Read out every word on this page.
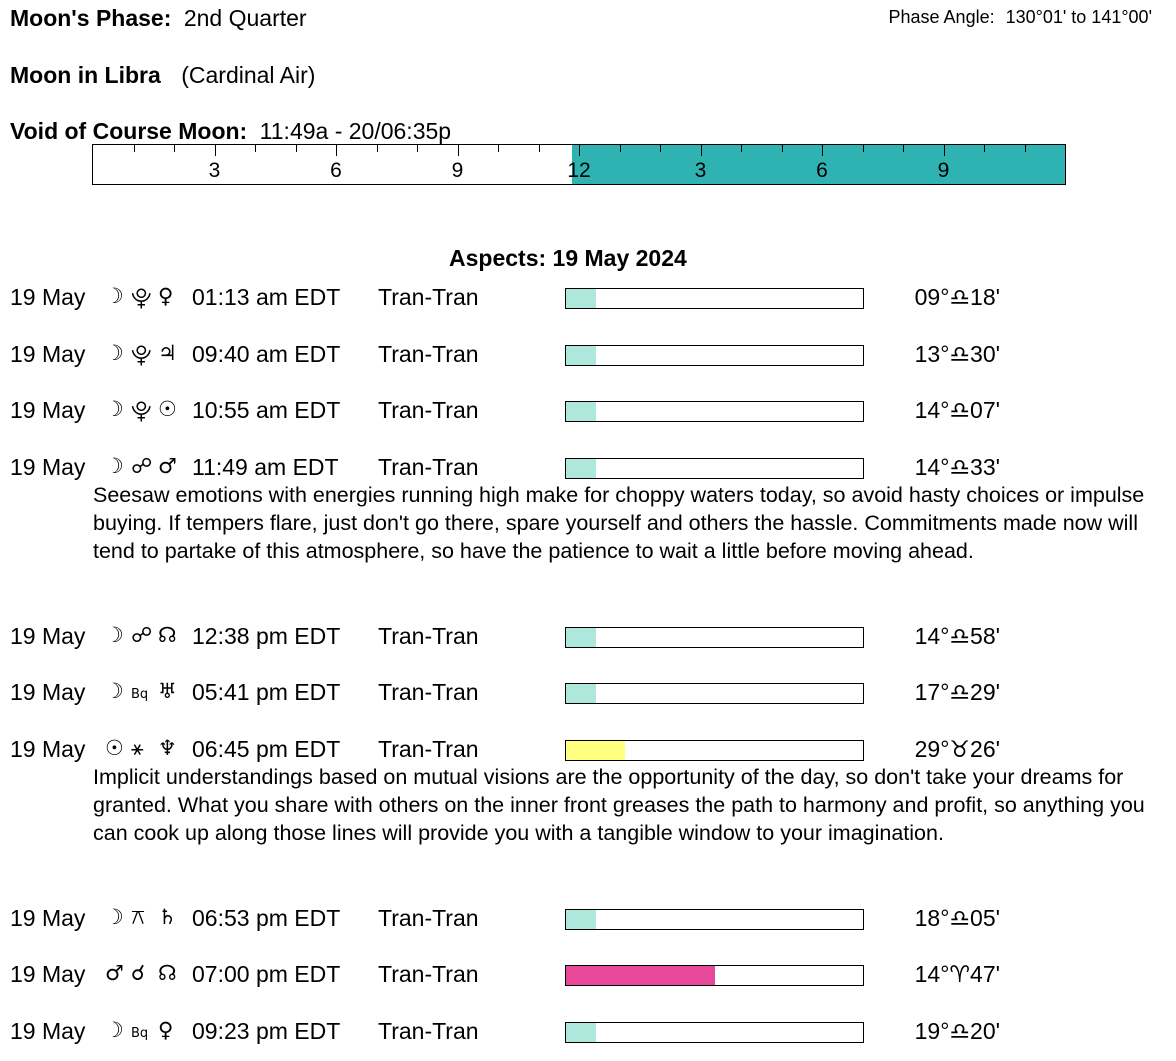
Moon's Phase: 2nd Quarter	Phase Angle: 130°01' to 141°00'
Moon in Libra (Cardinal Air)
Void of Course Moon: 11:49a - 20/06:35p
3	6	9	12	3	6	9
Aspects: 19 May 2024
19 May ☽ ⯓ ♀ 01:13 am EDT Tran-Tran	09°♎18'
19 May ☽ ⯓ ♃ 09:40 am EDT Tran-Tran	13°♎30'
19 May ☽ ⯓ ☉ 10:55 am EDT Tran-Tran	14°♎07'
19 May ☽ ☍ ♂ 11:49 am EDT Tran-Tran	14°♎33'
Seesaw emotions with energies running high make for choppy waters today, so avoid hasty choices or impulse buying. If tempers flare, just don't go there, spare yourself and others the hassle. Commitments made now will tend to partake of this atmosphere, so have the patience to wait a little before moving ahead.
19 May ☽ ☍ ☊ 12:38 pm EDT Tran-Tran	14°♎58'
19 May ☽ Bq ♅ 05:41 pm EDT Tran-Tran	17°♎29'
19 May ☉ ⚹ ♆ 06:45 pm EDT Tran-Tran	29°♉26'
Implicit understandings based on mutual visions are the opportunity of the day, so don't take your dreams for granted. What you share with others on the inner front greases the path to harmony and profit, so anything you can cook up along those lines will provide you with a tangible window to your imagination.
19 May ☽ ⚻ ♄ 06:53 pm EDT Tran-Tran	18°♎05'
19 May ♂ ☌ ☊ 07:00 pm EDT Tran-Tran	14°♈47'
19 May ☽ Bq ♀ 09:23 pm EDT Tran-Tran	19°♎20'
